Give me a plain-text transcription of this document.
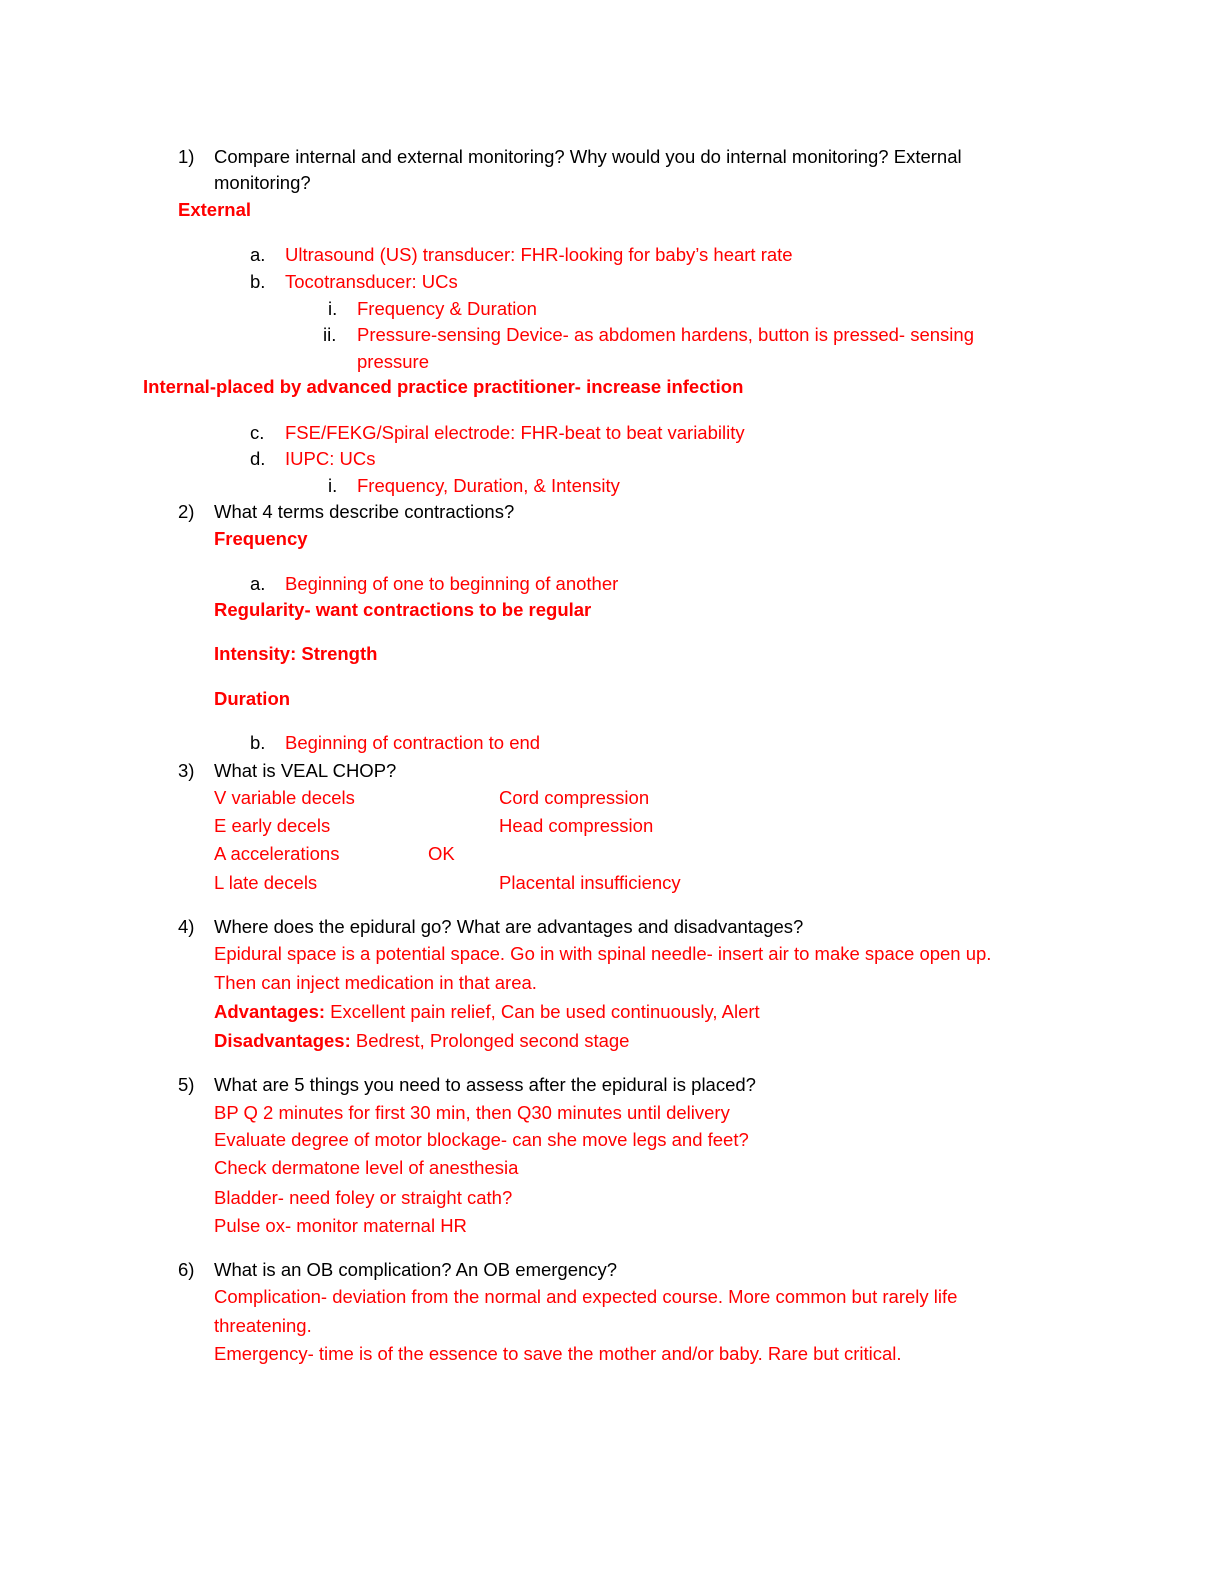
1) Compare internal and external monitoring? Why would you do internal monitoring? External
monitoring?
External
a. Ultrasound (US) transducer: FHR-looking for baby’s heart rate
b. Tocotransducer: UCs
i. Frequency & Duration
ii. Pressure-sensing Device- as abdomen hardens, button is pressed- sensing
pressure
Internal-placed by advanced practice practitioner- increase infection
c. FSE/FEKG/Spiral electrode: FHR-beat to beat variability
d. IUPC: UCs
i. Frequency, Duration, & Intensity
2) What 4 terms describe contractions?
Frequency
a. Beginning of one to beginning of another
Regularity- want contractions to be regular
Intensity: Strength
Duration
b. Beginning of contraction to end
3) What is VEAL CHOP?
V variable decels	Cord compression
E early decels	Head compression
A accelerations	OK
L late decels	Placental insufficiency
4) Where does the epidural go? What are advantages and disadvantages?
Epidural space is a potential space. Go in with spinal needle- insert air to make space open up.
Then can inject medication in that area.
Advantages: Excellent pain relief, Can be used continuously, Alert
Disadvantages: Bedrest, Prolonged second stage
5) What are 5 things you need to assess after the epidural is placed?
BP Q 2 minutes for first 30 min, then Q30 minutes until delivery
Evaluate degree of motor blockage- can she move legs and feet?
Check dermatone level of anesthesia
Bladder- need foley or straight cath?
Pulse ox- monitor maternal HR
6) What is an OB complication? An OB emergency?
Complication- deviation from the normal and expected course. More common but rarely life
threatening.
Emergency- time is of the essence to save the mother and/or baby. Rare but critical.
